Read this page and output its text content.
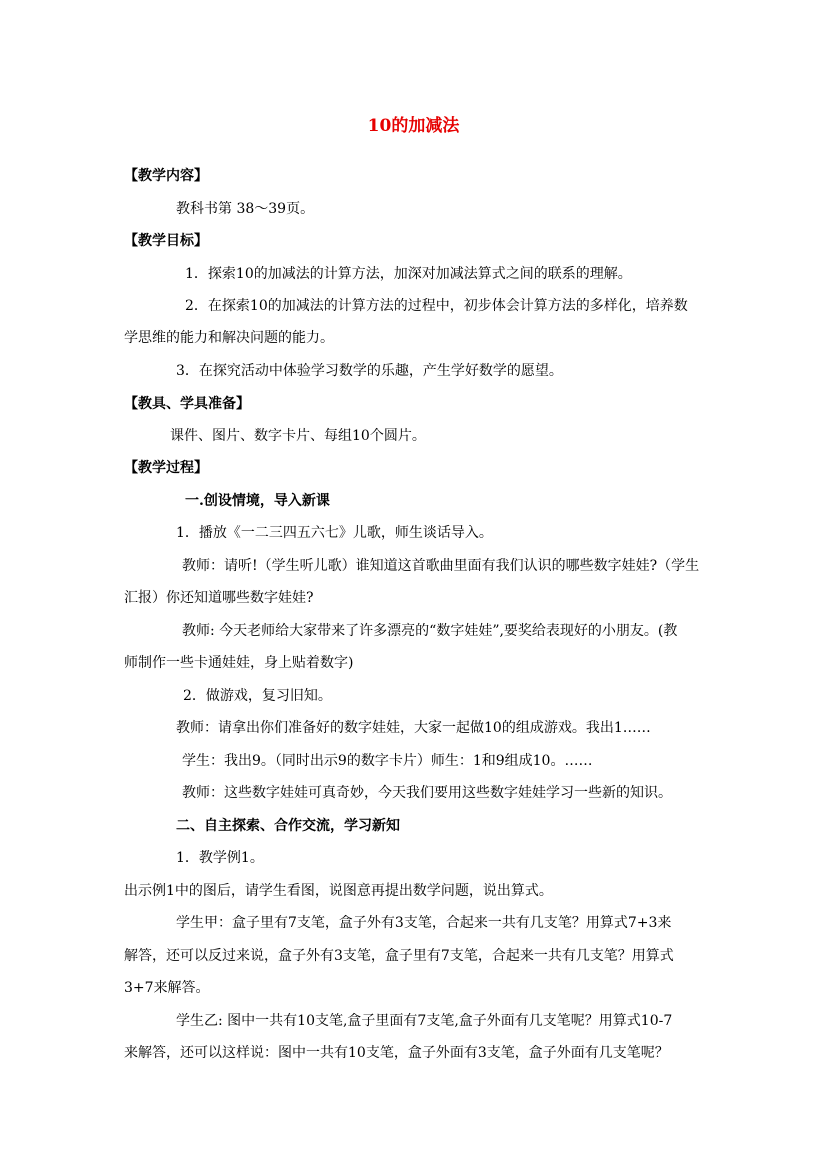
10的加减法
【教学内容】
教科书第 38～39页。
【教学目标】
1．探索10的加减法的计算方法，加深对加减法算式之间的联系的理解。
2．在探索10的加减法的计算方法的过程中，初步体会计算方法的多样化，培养数
学思维的能力和解决问题的能力。
3．在探究活动中体验学习数学的乐趣，产生学好数学的愿望。
【教具、学具准备】
课件、图片、数字卡片、每组10个圆片。
【教学过程】
一.创设情境，导入新课
1．播放《一二三四五六七》儿歌，师生谈话导入。
教师：请听!（学生听儿歌）谁知道这首歌曲里面有我们认识的哪些数字娃娃?（学生
汇报）你还知道哪些数字娃娃?
教师: 今天老师给大家带来了许多漂亮的“数字娃娃”,要奖给表现好的小朋友。(教
师制作一些卡通娃娃，身上贴着数字)
2．做游戏，复习旧知。
教师：请拿出你们准备好的数字娃娃，大家一起做10的组成游戏。我出1……
学生：我出9。（同时出示9的数字卡片）师生：1和9组成10。……
教师：这些数字娃娃可真奇妙，今天我们要用这些数字娃娃学习一些新的知识。
二、自主探索、合作交流，学习新知
1．教学例1。
出示例1中的图后，请学生看图，说图意再提出数学问题，说出算式。
学生甲：盒子里有7支笔，盒子外有3支笔，合起来一共有几支笔？用算式7+3来
解答，还可以反过来说，盒子外有3支笔，盒子里有7支笔，合起来一共有几支笔？用算式
3+7来解答。
学生乙: 图中一共有10支笔,盒子里面有7支笔,盒子外面有几支笔呢？用算式10-7
来解答，还可以这样说：图中一共有10支笔，盒子外面有3支笔，盒子外面有几支笔呢？
